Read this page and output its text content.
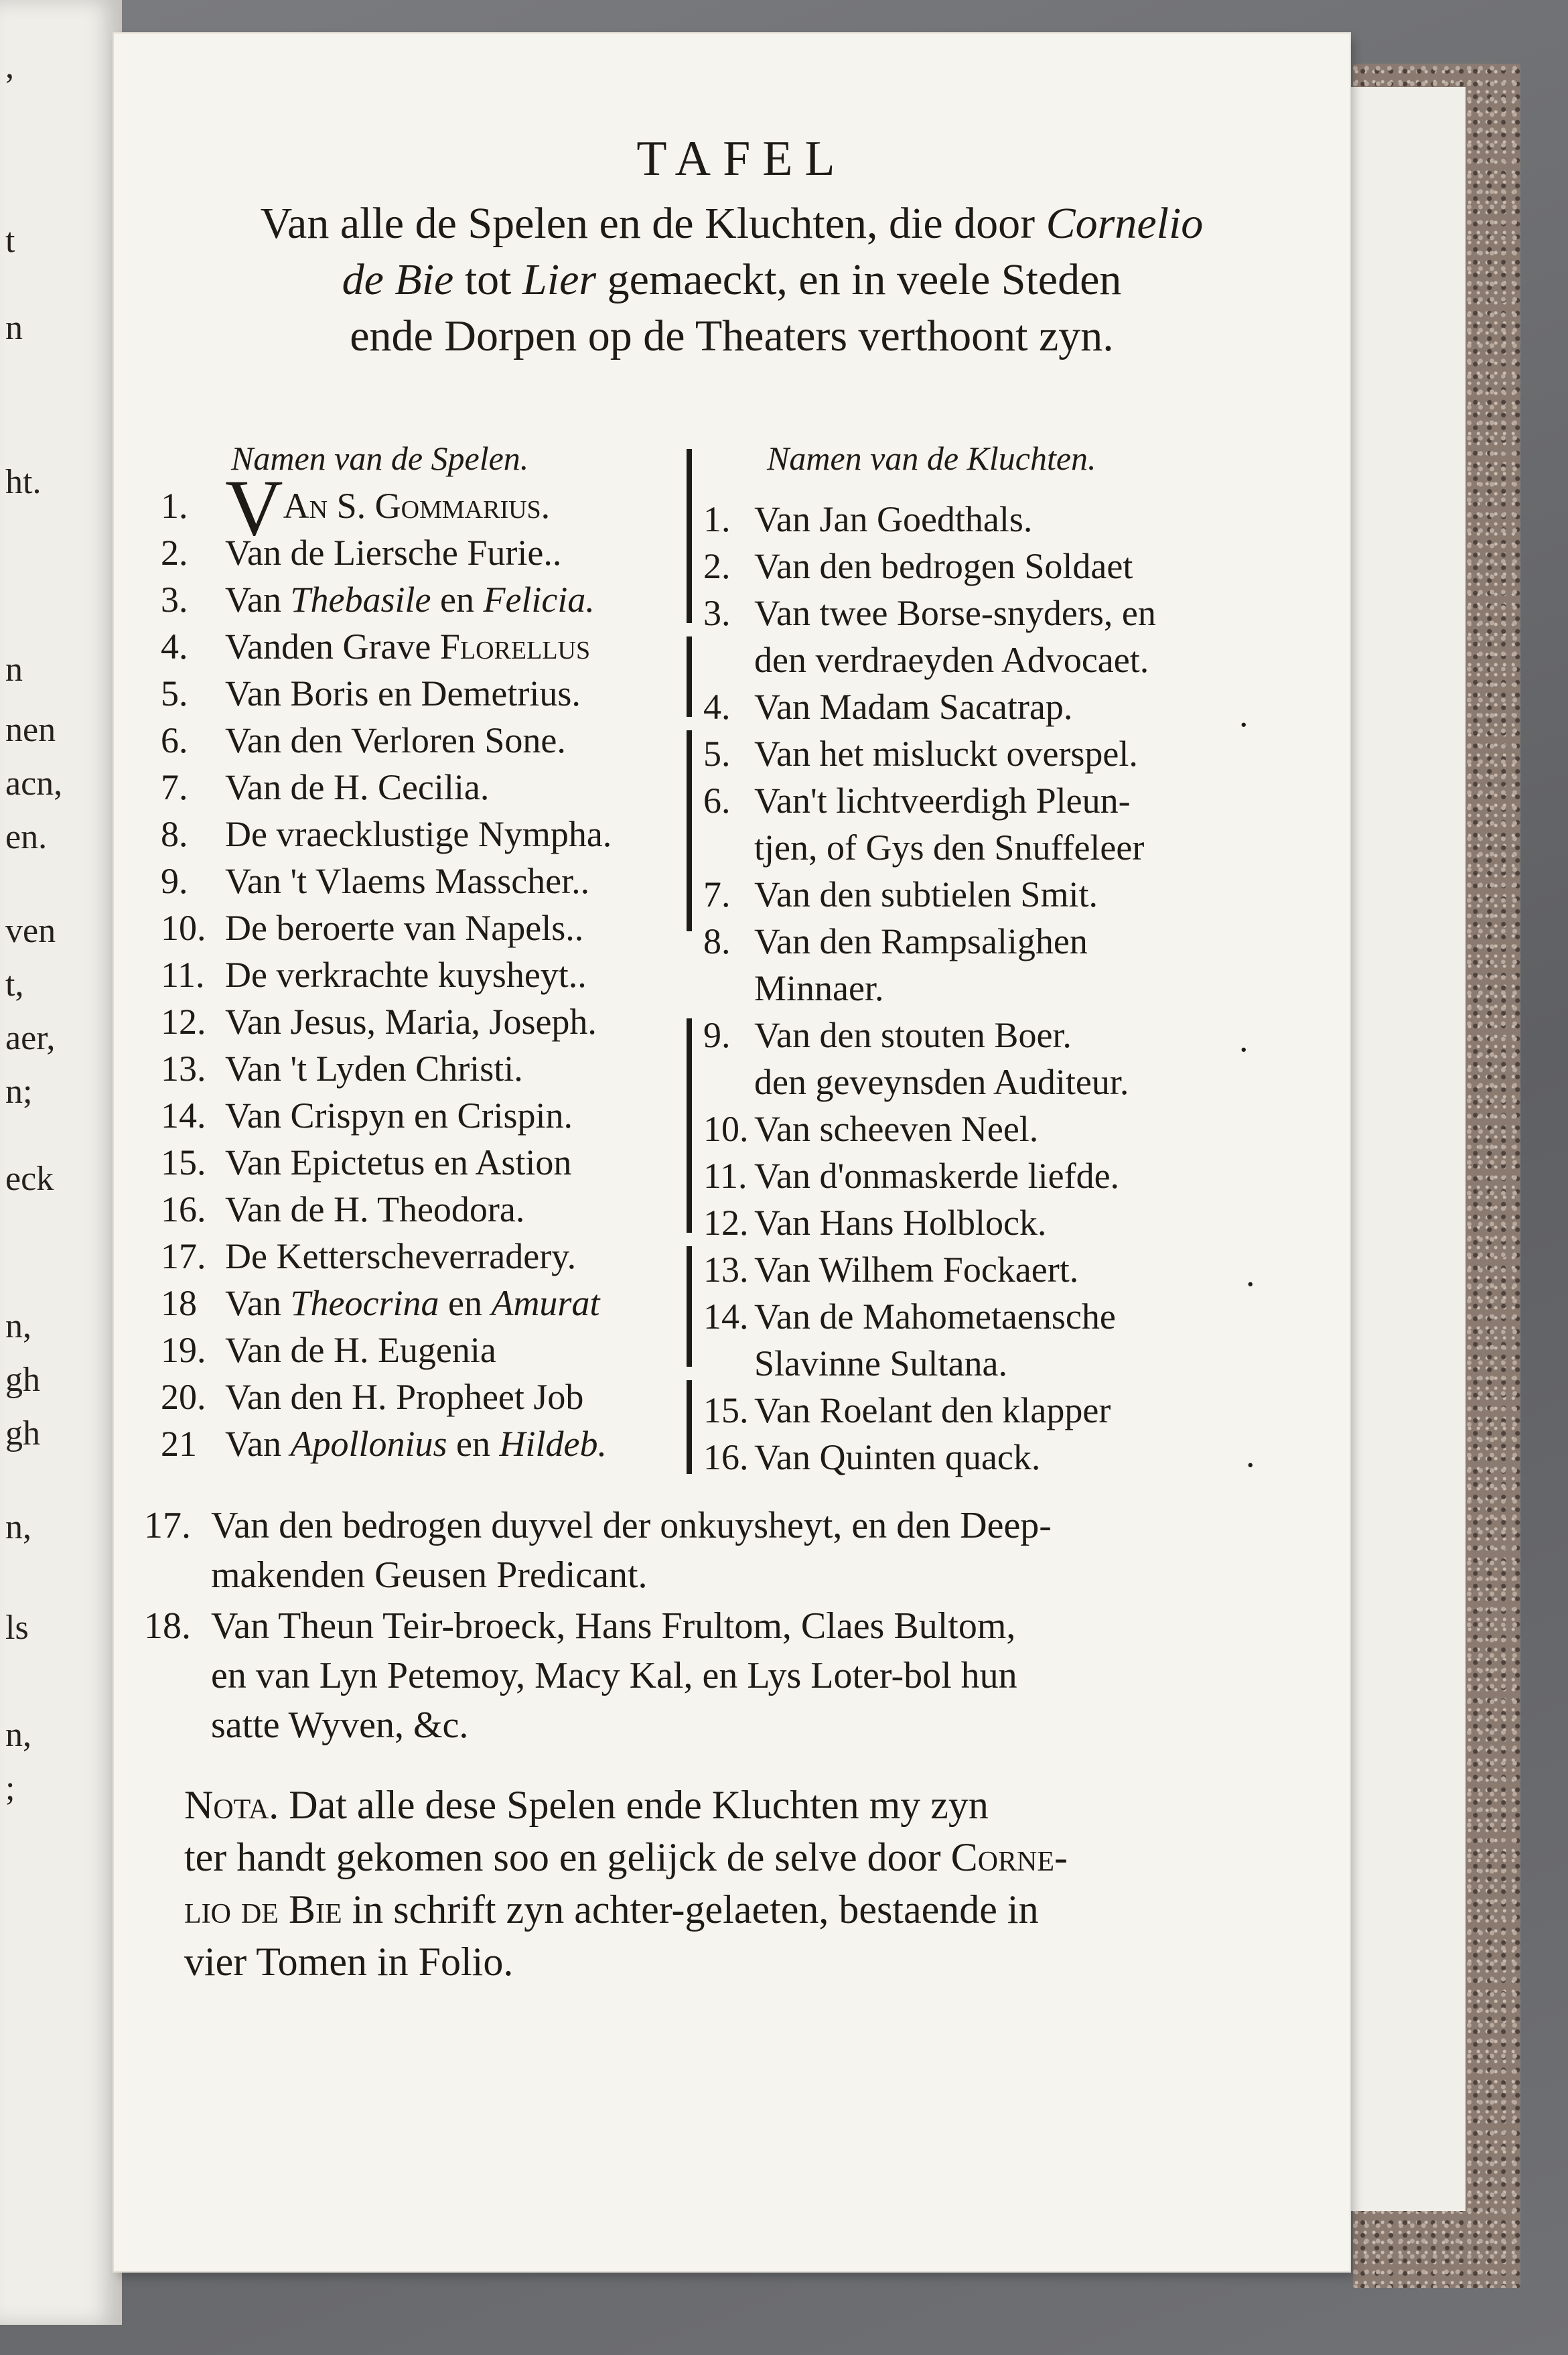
,
t
n
ht.
n
nen
acn,
en.
ven
t,
aer,
n;
eck
n,
gh
gh
n,
ls
n,
;
TAFEL
Van alle de Spelen en de Kluchten, die door Cornelio
de Bie tot Lier gemaeckt, en in veele Steden
ende Dorpen op de Theaters verthoont zyn.
Namen van de Spelen.	Namen van de Kluchten.
1. VAn S. Gommarius.
2. Van de Liersche Furie..
3. Van Thebasile en Felicia.
4. Vanden Grave Florellus
5. Van Boris en Demetrius.
6. Van den Verloren Sone.
7. Van de H. Cecilia.
8. De vraecklustige Nympha.
9. Van 't Vlaems Masscher..
10. De beroerte van Napels..
11. De verkrachte kuysheyt..
12. Van Jesus, Maria, Joseph.
13. Van 't Lyden Christi.
14. Van Crispyn en Crispin.
15. Van Epictetus en Astion
16. Van de H. Theodora.
17. De Ketterscheverradery.
18 Van Theocrina en Amurat
19. Van de H. Eugenia
20. Van den H. Propheet Job
21 Van Apollonius en Hildeb.
1. Van Jan Goedthals.
2. Van den bedrogen Soldaet
3. Van twee Borse-snyders, en
den verdraeyden Advocaet.
4. Van Madam Sacatrap.
5. Van het misluckt overspel.
6. Van't lichtveerdigh Pleun-
tjen, of Gys den Snuffeleer
7. Van den subtielen Smit.
8. Van den Rampsalighen
Minnaer.
9. Van den stouten Boer.
den geveynsden Auditeur.
10. Van scheeven Neel.
11. Van d'onmaskerde liefde.
12. Van Hans Holblock.
13. Van Wilhem Fockaert.
14. Van de Mahometaensche
Slavinne Sultana.
15. Van Roelant den klapper
16. Van Quinten quack.
.
.
.
.
17. Van den bedrogen duyvel der onkuysheyt, en den Deep-
makenden Geusen Predicant.
18. Van Theun Teir-broeck, Hans Frultom, Claes Bultom,
en van Lyn Petemoy, Macy Kal, en Lys Loter-bol hun
satte Wyven, &c.

Nota. Dat alle dese Spelen ende Kluchten my zyn
ter handt gekomen soo en gelijck de selve door Corne-
lio de Bie in schrift zyn achter-gelaeten, bestaende in
vier Tomen in Folio.
